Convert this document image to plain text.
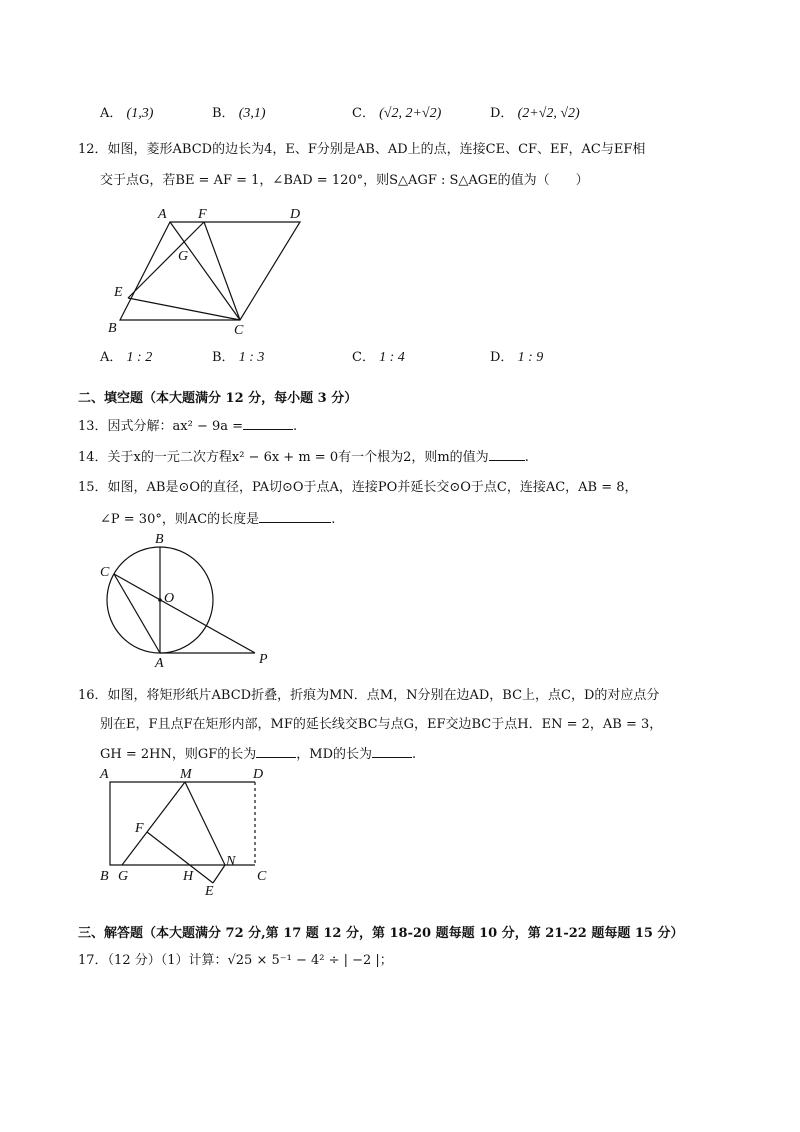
A． (1,3)	B． (3,1)	C． (√2, 2+√2)	D． (2+√2, √2)
12．如图，菱形ABCD的边长为4，E、F分别是AB、AD上的点，连接CE、CF、EF，AC与EF相
交于点G，若BE = AF = 1，∠BAD = 120°，则S△AGF : S△AGE的值为（　　）
A F	D
G
E
B	C
A． 1 : 2	B． 1 : 3	C． 1 : 4	D． 1 : 9
二、填空题（本大题满分 12 分，每小题 3 分）
13．因式分解：ax² − 9a =	.
14．关于x的一元二次方程x² − 6x + m = 0有一个根为2，则m的值为	.
15．如图，AB是⊙O的直径，PA切⊙O于点A，连接PO并延长交⊙O于点C，连接AC，AB = 8，
∠P = 30°，则AC的长度是	.
B
C
O
A	P
16．如图，将矩形纸片ABCD折叠，折痕为MN．点M，N分别在边AD，BC上，点C，D的对应点分
别在E，F且点F在矩形内部，MF的延长线交BC与点G，EF交边BC于点H．EN = 2，AB = 3，
GH = 2HN，则GF的长为	，MD的长为	.
A	M	D
F
N
B G	H	C
E
三、解答题（本大题满分 72 分,第 17 题 12 分，第 18-20 题每题 10 分，第 21-22 题每题 15 分）
17．（12 分）（1）计算：√25 × 5⁻¹ − 4² ÷ | −2 |；
